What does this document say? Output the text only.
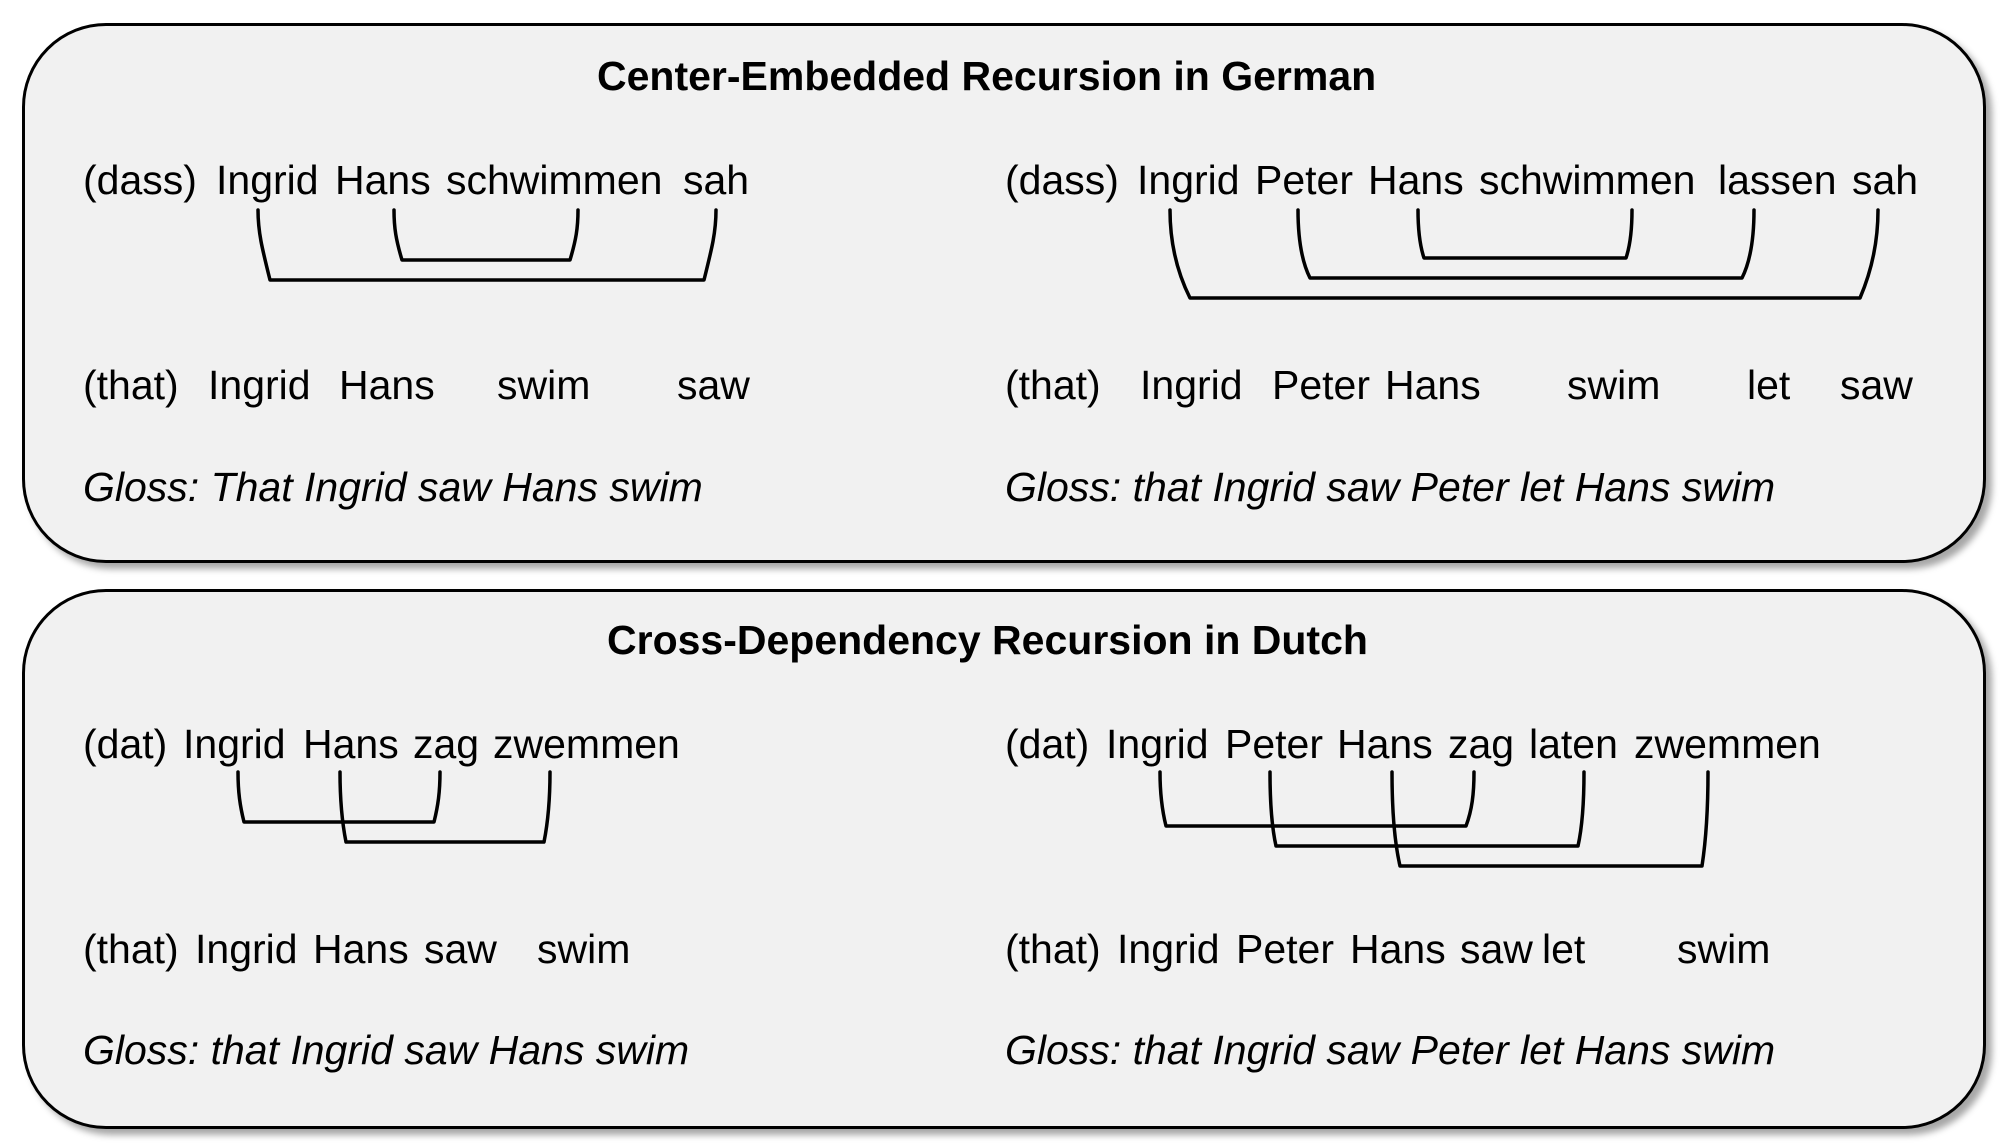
Center-Embedded Recursion in German
(dass) Ingrid Hans schwimmen sah
(that) Ingrid Hans swim saw
Gloss: That Ingrid saw Hans swim
(dass) Ingrid Peter Hans schwimmen lassen sah
(that) Ingrid Peter Hans swim let saw
Gloss: that Ingrid saw Peter let Hans swim
Cross-Dependency Recursion in Dutch
(dat) Ingrid Hans zag zwemmen
(that) Ingrid Hans saw swim
Gloss: that Ingrid saw Hans swim
(dat) Ingrid Peter Hans zag laten zwemmen
(that) Ingrid Peter Hans saw let swim
Gloss: that Ingrid saw Peter let Hans swim
